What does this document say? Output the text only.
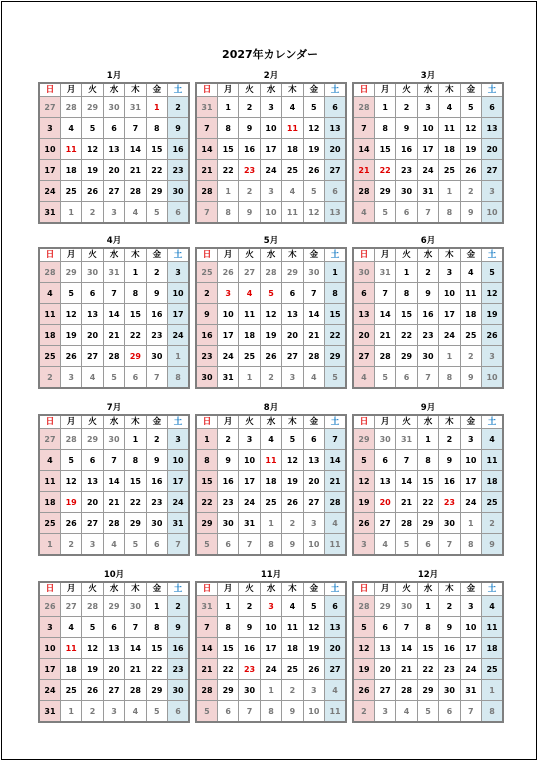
2027年カレンダー
1月
日	月	火	水	木	金	土
27	28	29	30	31	1	2
3	4	5	6	7	8	9
10	11	12	13	14	15	16
17	18	19	20	21	22	23
24	25	26	27	28	29	30
31	1	2	3	4	5	6
2月
日	月	火	水	木	金	土
31	1	2	3	4	5	6
7	8	9	10	11	12	13
14	15	16	17	18	19	20
21	22	23	24	25	26	27
28	1	2	3	4	5	6
7	8	9	10	11	12	13
3月
日	月	火	水	木	金	土
28	1	2	3	4	5	6
7	8	9	10	11	12	13
14	15	16	17	18	19	20
21	22	23	24	25	26	27
28	29	30	31	1	2	3
4	5	6	7	8	9	10
4月
日	月	火	水	木	金	土
28	29	30	31	1	2	3
4	5	6	7	8	9	10
11	12	13	14	15	16	17
18	19	20	21	22	23	24
25	26	27	28	29	30	1
2	3	4	5	6	7	8
5月
日	月	火	水	木	金	土
25	26	27	28	29	30	1
2	3	4	5	6	7	8
9	10	11	12	13	14	15
16	17	18	19	20	21	22
23	24	25	26	27	28	29
30	31	1	2	3	4	5
6月
日	月	火	水	木	金	土
30	31	1	2	3	4	5
6	7	8	9	10	11	12
13	14	15	16	17	18	19
20	21	22	23	24	25	26
27	28	29	30	1	2	3
4	5	6	7	8	9	10
7月
日	月	火	水	木	金	土
27	28	29	30	1	2	3
4	5	6	7	8	9	10
11	12	13	14	15	16	17
18	19	20	21	22	23	24
25	26	27	28	29	30	31
1	2	3	4	5	6	7
8月
日	月	火	水	木	金	土
1	2	3	4	5	6	7
8	9	10	11	12	13	14
15	16	17	18	19	20	21
22	23	24	25	26	27	28
29	30	31	1	2	3	4
5	6	7	8	9	10	11
9月
日	月	火	水	木	金	土
29	30	31	1	2	3	4
5	6	7	8	9	10	11
12	13	14	15	16	17	18
19	20	21	22	23	24	25
26	27	28	29	30	1	2
3	4	5	6	7	8	9
10月
日	月	火	水	木	金	土
26	27	28	29	30	1	2
3	4	5	6	7	8	9
10	11	12	13	14	15	16
17	18	19	20	21	22	23
24	25	26	27	28	29	30
31	1	2	3	4	5	6
11月
日	月	火	水	木	金	土
31	1	2	3	4	5	6
7	8	9	10	11	12	13
14	15	16	17	18	19	20
21	22	23	24	25	26	27
28	29	30	1	2	3	4
5	6	7	8	9	10	11
12月
日	月	火	水	木	金	土
28	29	30	1	2	3	4
5	6	7	8	9	10	11
12	13	14	15	16	17	18
19	20	21	22	23	24	25
26	27	28	29	30	31	1
2	3	4	5	6	7	8
